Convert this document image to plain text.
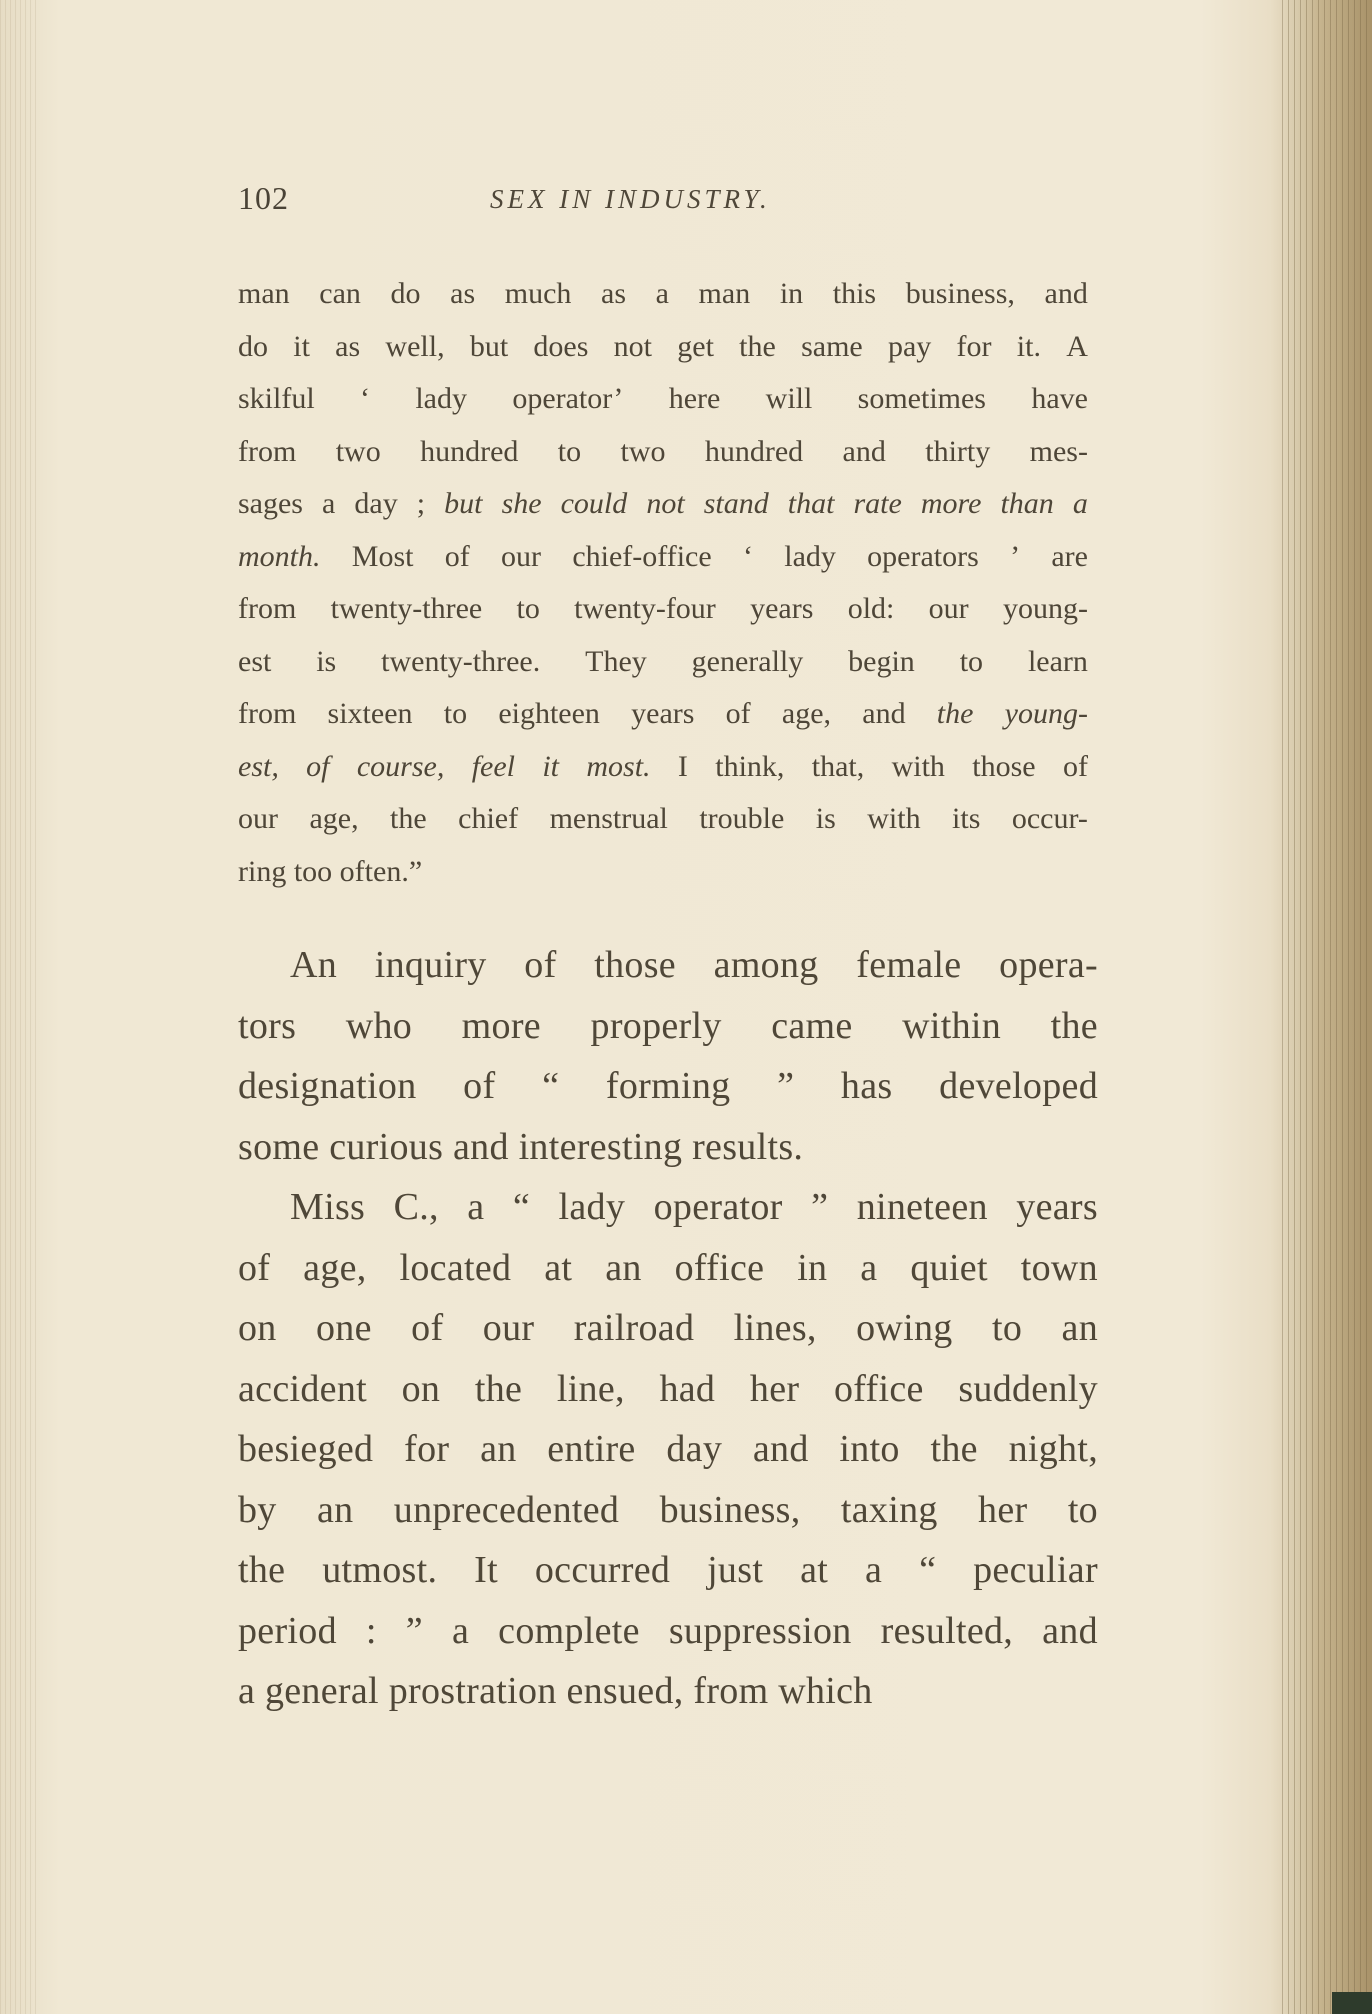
102	SEX IN INDUSTRY.
man can do as much as a man in this business, and
do it as well, but does not get the same pay for it. A
skilful ‘ lady operator’ here will sometimes have
from two hundred to two hundred and thirty mes-
sages a day ; but she could not stand that rate more than a
month. Most of our chief-office ‘ lady operators ’ are
from twenty-three to twenty-four years old: our young-
est is twenty-three. They generally begin to learn
from sixteen to eighteen years of age, and the young-
est, of course, feel it most. I think, that, with those of
our age, the chief menstrual trouble is with its occur-
ring too often.”
An inquiry of those among female opera-
tors who more properly came within the
designation of “ forming ” has developed
some curious and interesting results.
Miss C., a “ lady operator ” nineteen years
of age, located at an office in a quiet town
on one of our railroad lines, owing to an
accident on the line, had her office suddenly
besieged for an entire day and into the night,
by an unprecedented business, taxing her to
the utmost. It occurred just at a “ peculiar
period : ” a complete suppression resulted, and
a general prostration ensued, from which
